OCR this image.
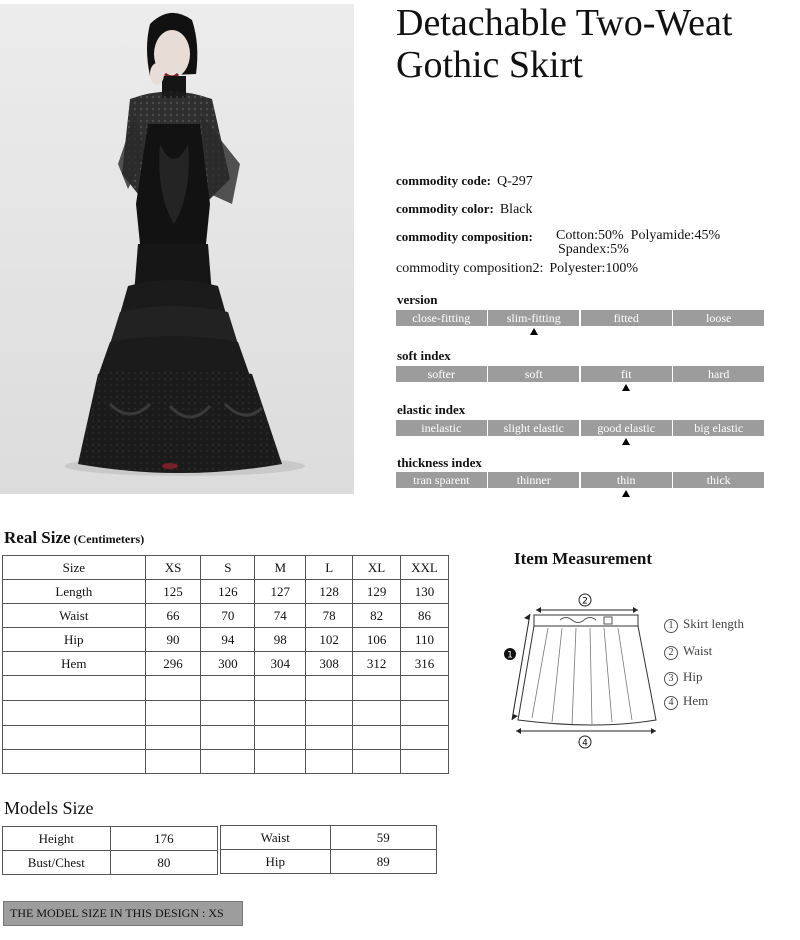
Detachable Two-Weat
Gothic Skirt
commodity code: Q-297
commodity color: Black
commodity composition: Cotton:50%  Polyamide:45%
Spandex:5%
commodity composition2: Polyester:100%
version
close-fitting	slim-fitting	fitted	loose
soft index
softer	soft	fit	hard
elastic index
inelastic	slight elastic	good elastic	big elastic
thickness index
tran sparent	thinner	thin	thick
Real Size (Centimeters)
Size	XS	S	M	L	XL	XXL
Length	125	126	127	128	129	130
Waist	66	70	74	78	82	86
Hip	90	94	98	102	106	110
Hem	296	300	304	308	312	316

Item Measurement
2
1
4
1 Skirt length
2 Waist
3 Hip
4 Hem
Models Size
Height	176
Bust/Chest	80
Waist	59
Hip	89
THE MODEL SIZE IN THIS DESIGN : XS
